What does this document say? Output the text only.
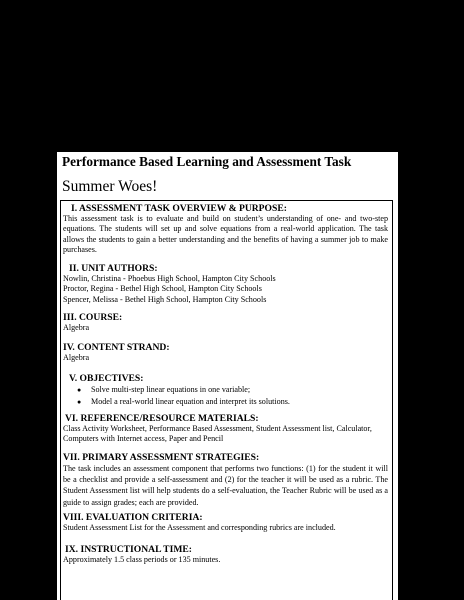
Performance Based Learning and Assessment Task
Summer Woes!
I. ASSESSMENT TASK OVERVIEW & PURPOSE:
This assessment task is to evaluate and build on student’s understanding of one- and two-step equations. The students will set up and solve equations from a real-world application. The task allows the students to gain a better understanding and the benefits of having a summer job to make purchases.
II. UNIT AUTHORS:
Nowlin, Christina - Phoebus High School, Hampton City Schools
Proctor, Regina - Bethel High School, Hampton City Schools
Spencer, Melissa - Bethel High School, Hampton City Schools
III. COURSE:
Algebra
IV. CONTENT STRAND:
Algebra
V. OBJECTIVES:
● Solve multi-step linear equations in one variable;
● Model a real-world linear equation and interpret its solutions.
VI. REFERENCE/RESOURCE MATERIALS:
Class Activity Worksheet, Performance Based Assessment, Student Assessment list, Calculator,
Computers with Internet access, Paper and Pencil
VII. PRIMARY ASSESSMENT STRATEGIES:
The task includes an assessment component that performs two functions: (1) for the student it will be a checklist and provide a self-assessment and (2) for the teacher it will be used as a rubric. The Student Assessment list will help students do a self-evaluation, the Teacher Rubric will be used as a guide to assign grades; each are provided.
VIII. EVALUATION CRITERIA:
Student Assessment List for the Assessment and corresponding rubrics are included.
IX. INSTRUCTIONAL TIME:
Approximately 1.5 class periods or 135 minutes.
